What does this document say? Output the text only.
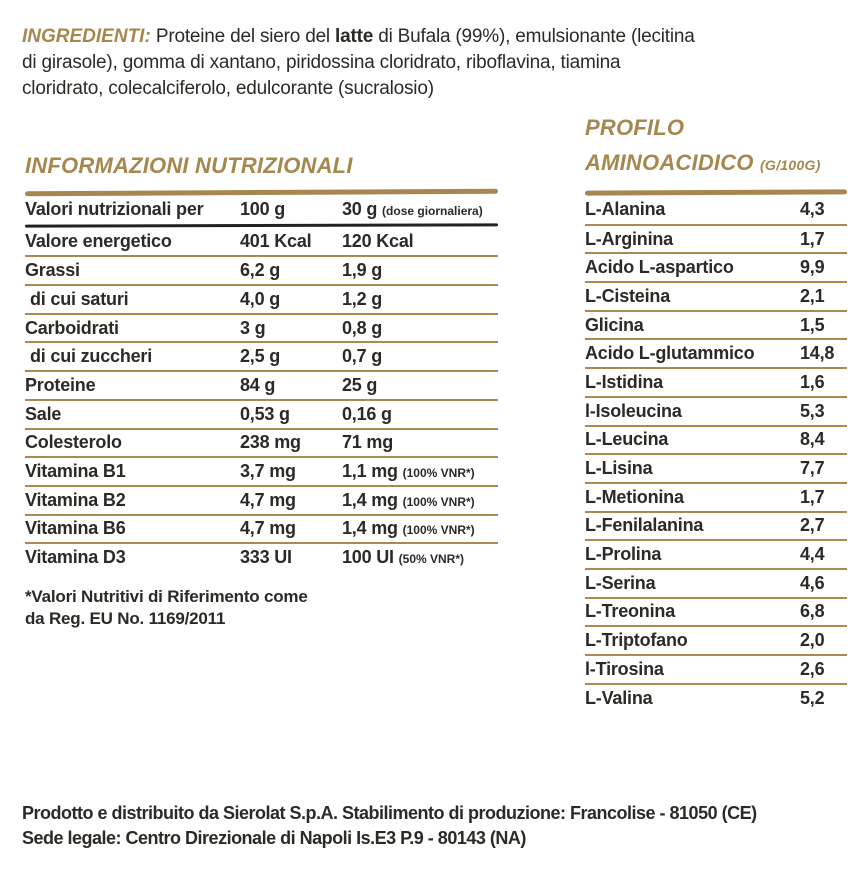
INGREDIENTI: Proteine del siero del latte di Bufala (99%), emulsionante (lecitina
di girasole), gomma di xantano, piridossina cloridrato, riboflavina, tiamina
cloridrato, colecalciferolo, edulcorante (sucralosio)

INFORMAZIONI NUTRIZIONALI
Valori nutrizionali per	100 g	30 g (dose giornaliera)
Valore energetico	401 Kcal	120 Kcal
Grassi	6,2 g	1,9 g
di cui saturi	4,0 g	1,2 g
Carboidrati	3 g	0,8 g
di cui zuccheri	2,5 g	0,7 g
Proteine	84 g	25 g
Sale	0,53 g	0,16 g
Colesterolo	238 mg	71 mg
Vitamina B1	3,7 mg	1,1 mg (100% VNR*)
Vitamina B2	4,7 mg	1,4 mg (100% VNR*)
Vitamina B6	4,7 mg	1,4 mg (100% VNR*)
Vitamina D3	333 UI	100 UI (50% VNR*)

*Valori Nutritivi di Riferimento come
da Reg. EU No. 1169/2011

PROFILO
AMINOACIDICO (G/100G)
L-Alanina	4,3
L-Arginina	1,7
Acido L-aspartico	9,9
L-Cisteina	2,1
Glicina	1,5
Acido L-glutammico	14,8
L-Istidina	1,6
l-Isoleucina	5,3
L-Leucina	8,4
L-Lisina	7,7
L-Metionina	1,7
L-Fenilalanina	2,7
L-Prolina	4,4
L-Serina	4,6
L-Treonina	6,8
L-Triptofano	2,0
l-Tirosina	2,6
L-Valina	5,2

Prodotto e distribuito da Sierolat S.p.A. Stabilimento di produzione: Francolise - 81050 (CE)
Sede legale: Centro Direzionale di Napoli Is.E3 P.9 - 80143 (NA)
